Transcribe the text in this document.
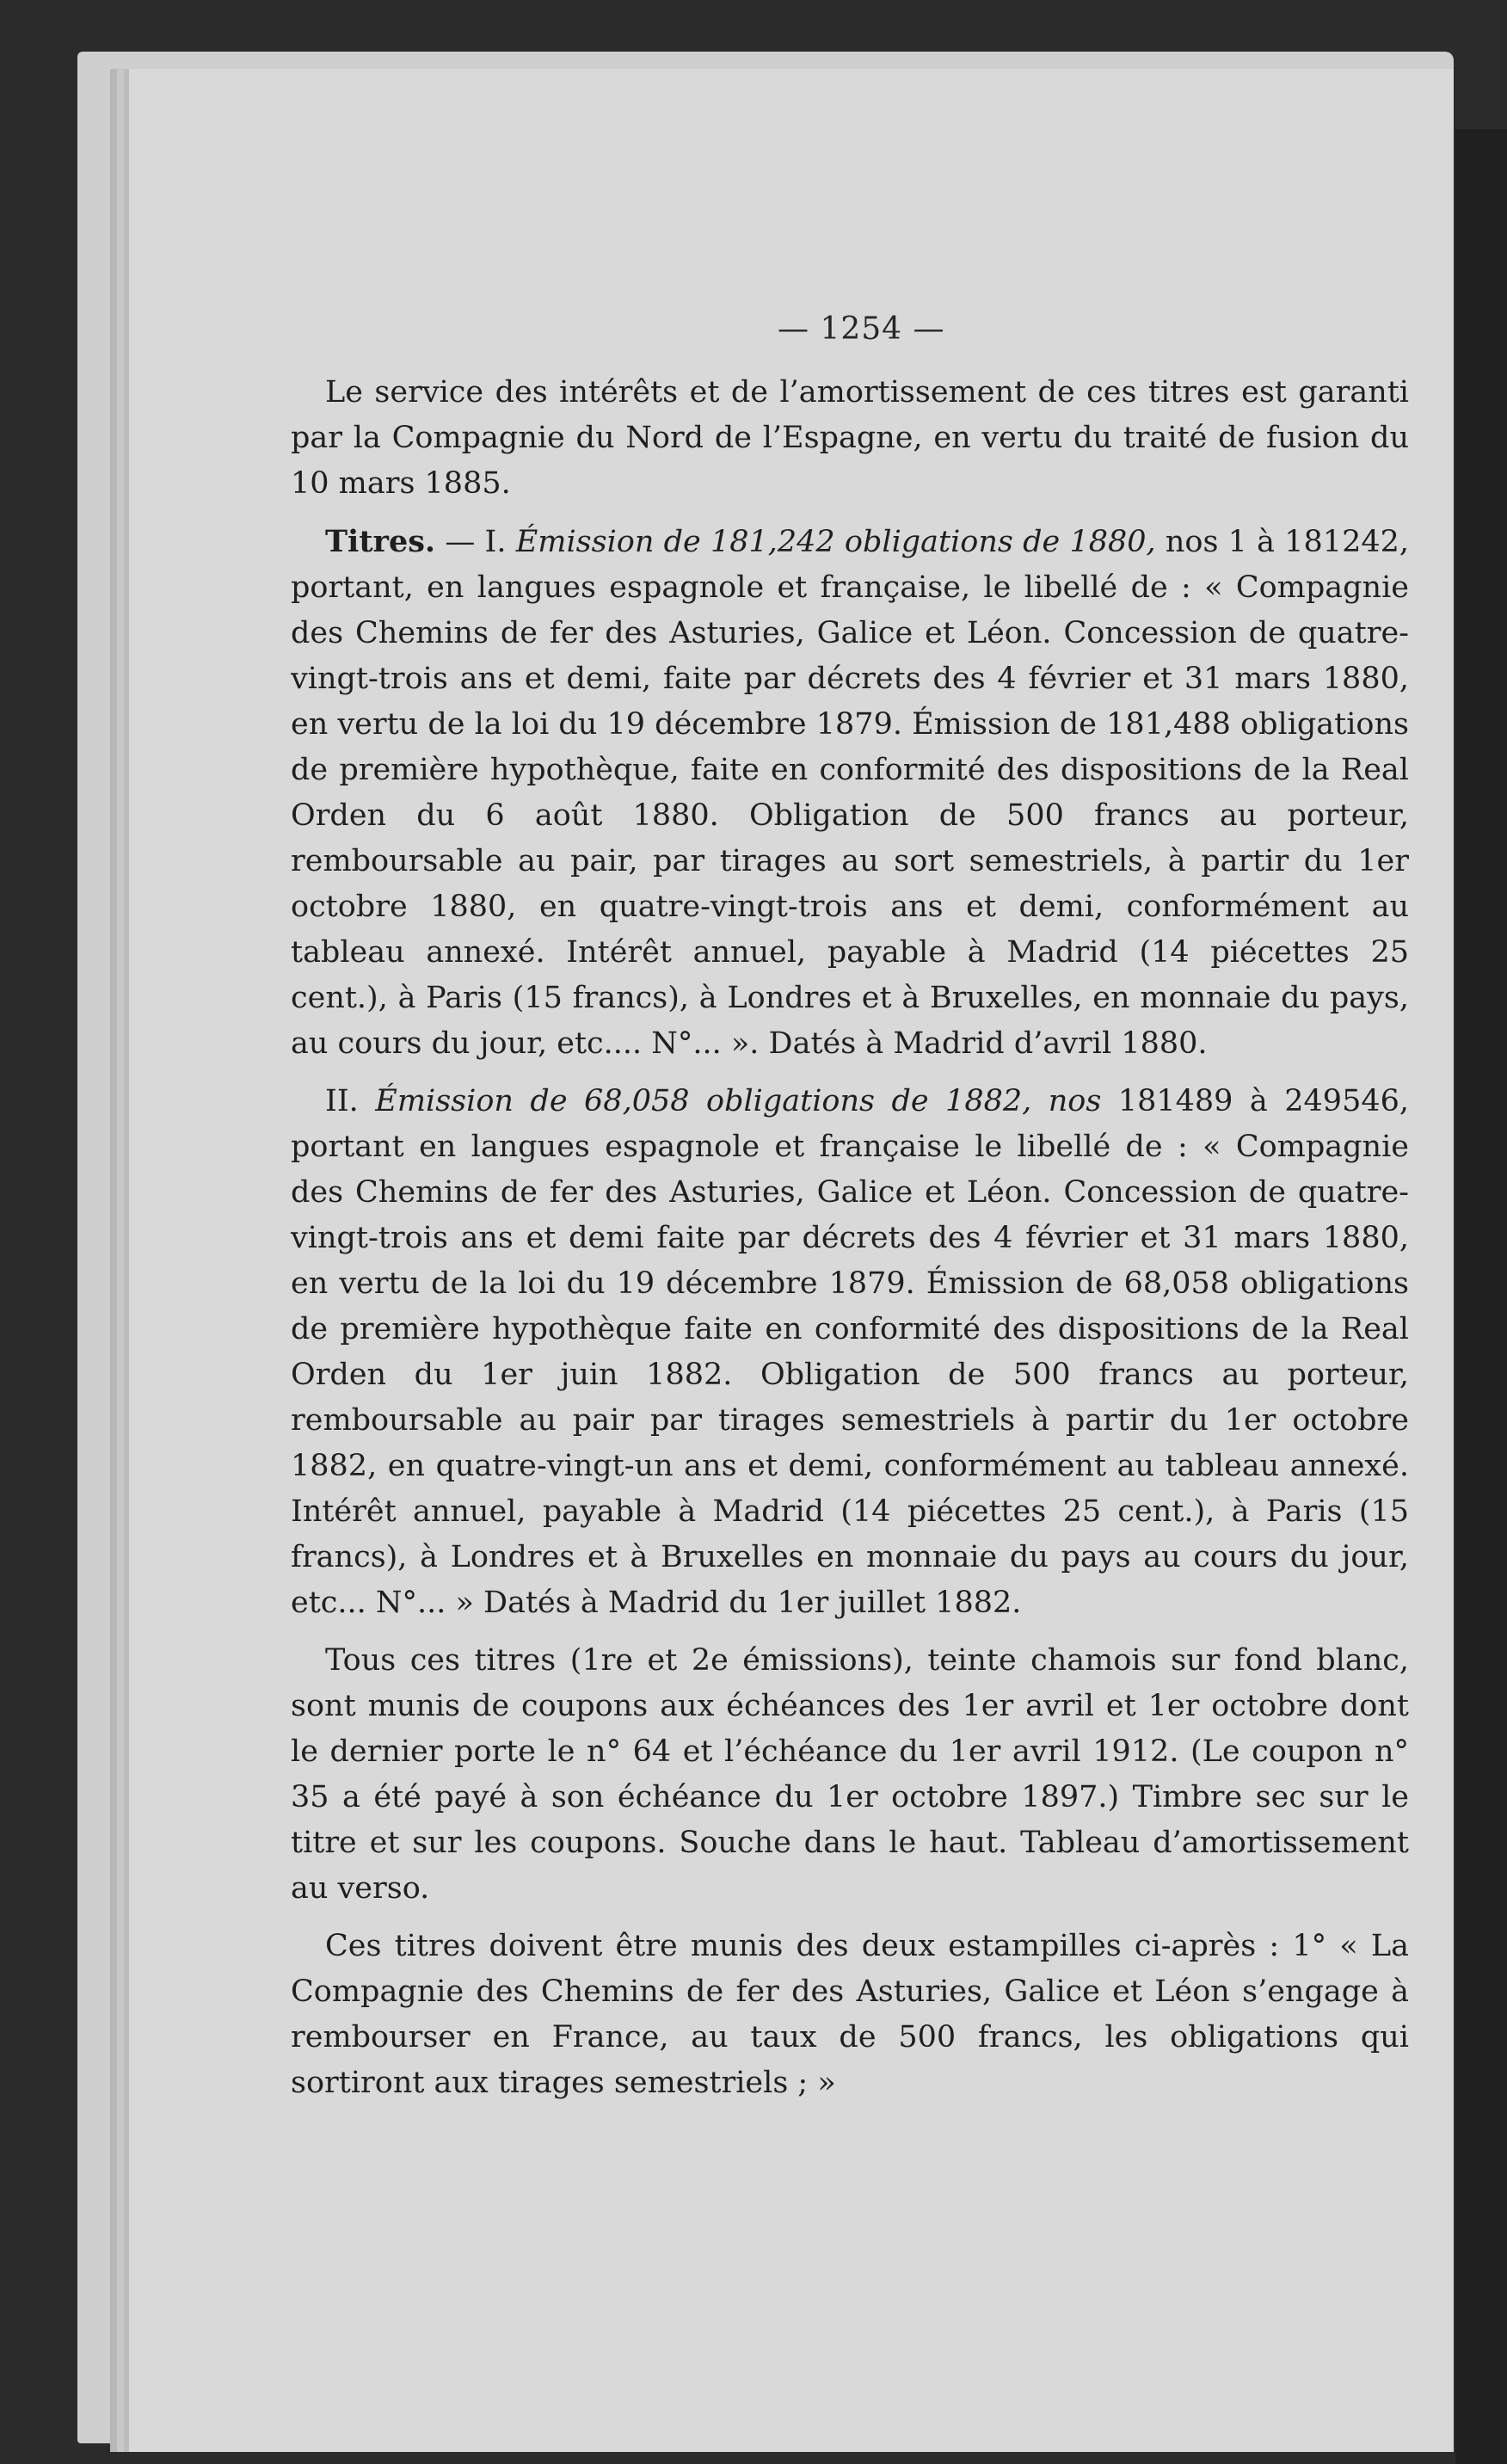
— 1254 —

Le service des intérêts et de l’amortissement de ces titres est garanti par la Compagnie du Nord de l’Espagne, en vertu du traité de fusion du 10 mars 1885.

Titres. — I. Émission de 181,242 obligations de 1880, nos 1 à 181242, portant, en langues espagnole et française, le libellé de : « Compagnie des Chemins de fer des Asturies, Galice et Léon. Concession de quatre-vingt-trois ans et demi, faite par décrets des 4 février et 31 mars 1880, en vertu de la loi du 19 décembre 1879. Émission de 181,488 obligations de première hypothèque, faite en conformité des dispositions de la Real Orden du 6 août 1880. Obligation de 500 francs au porteur, remboursable au pair, par tirages au sort semestriels, à partir du 1er octobre 1880, en quatre-vingt-trois ans et demi, conformément au tableau annexé. Intérêt annuel, payable à Madrid (14 piécettes 25 cent.), à Paris (15 francs), à Londres et à Bruxelles, en monnaie du pays, au cours du jour, etc.... N°... ». Datés à Madrid d’avril 1880.

II. Émission de 68,058 obligations de 1882, nos 181489 à 249546, portant en langues espagnole et française le libellé de : « Compagnie des Chemins de fer des Asturies, Galice et Léon. Concession de quatre-vingt-trois ans et demi faite par décrets des 4 février et 31 mars 1880, en vertu de la loi du 19 décembre 1879. Émission de 68,058 obligations de première hypothèque faite en conformité des dispositions de la Real Orden du 1er juin 1882. Obligation de 500 francs au porteur, remboursable au pair par tirages semestriels à partir du 1er octobre 1882, en quatre-vingt-un ans et demi, conformément au tableau annexé. Intérêt annuel, payable à Madrid (14 piécettes 25 cent.), à Paris (15 francs), à Londres et à Bruxelles en monnaie du pays au cours du jour, etc... N°... » Datés à Madrid du 1er juillet 1882.

Tous ces titres (1re et 2e émissions), teinte chamois sur fond blanc, sont munis de coupons aux échéances des 1er avril et 1er octobre dont le dernier porte le n° 64 et l’échéance du 1er avril 1912. (Le coupon n° 35 a été payé à son échéance du 1er octobre 1897.) Timbre sec sur le titre et sur les coupons. Souche dans le haut. Tableau d’amortissement au verso.

Ces titres doivent être munis des deux estampilles ci-après : 1° « La Compagnie des Chemins de fer des Asturies, Galice et Léon s’engage à rembourser en France, au taux de 500 francs, les obligations qui sortiront aux tirages semestriels ; »
